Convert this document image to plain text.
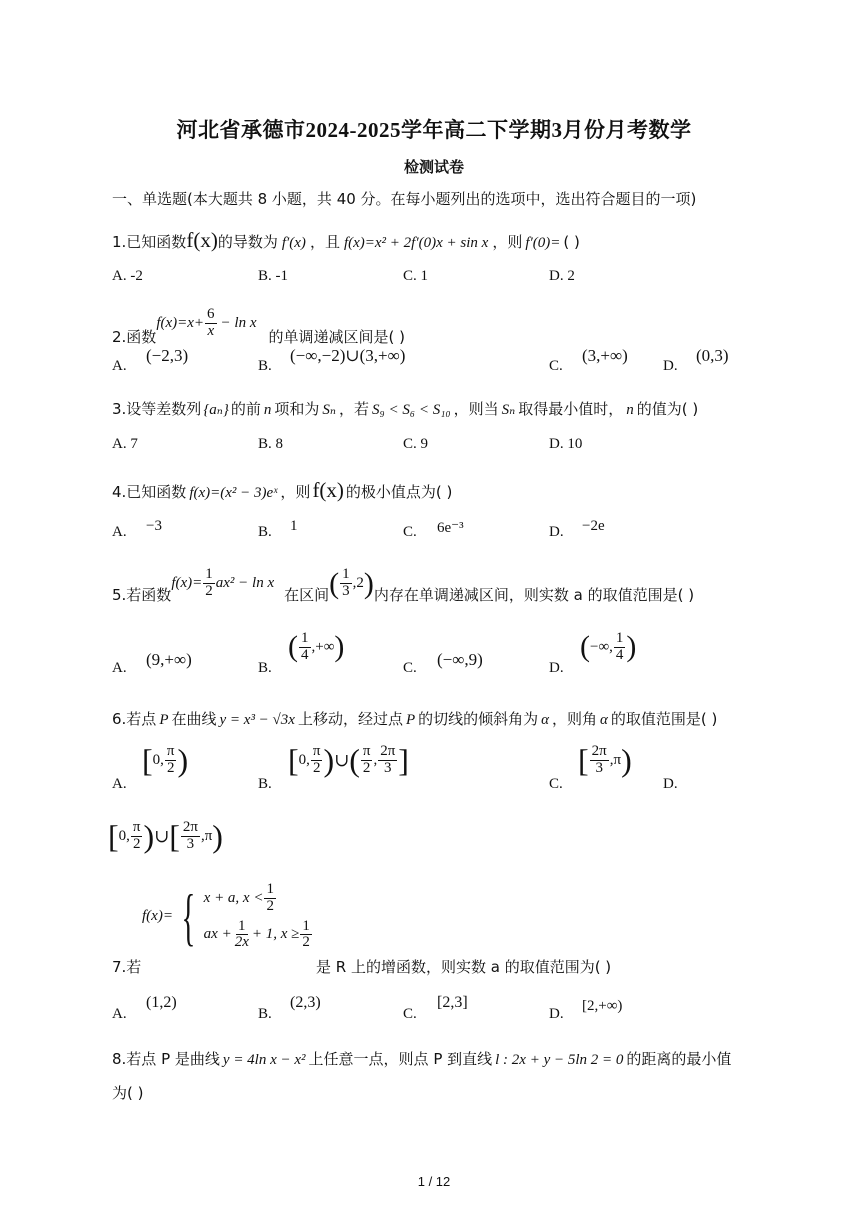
河北省承德市2024-2025学年高二下学期3月份月考数学
检测试卷
一、单选题(本大题共 8 小题，共 40 分。在每小题列出的选项中，选出符合题目的一项)
1.已知函数f(x)的导数为 f′(x) ，且 f(x)=x² + 2f′(0)x + sin x ，则 f′(0)= ( )
A. -2	B. -1	C. 1	D. 2
2.函数
$f(x)=x+ \frac{6}{x} - \ln x$
的单调递减区间是( )
A.
(−2,3)
B.
(−∞,−2)∪(3,+∞)
C.
(3,+∞)
D.
(0,3)
3.设等差数列 {aₙ} 的前 n 项和为 Sₙ ，若 S₉ < S₆ < S₁₀ ，则当 Sₙ 取得最小值时， n 的值为( )
A. 7	B. 8	C. 9	D. 10
4.已知函数 f(x)=(x² − 3)eˣ ，则f(x) 的极小值点为( )
A. −3	B. 1	C. 6e⁻³	D. −2e
5.若函数
$f(x)= \frac{1}{2} ax^2 - \ln x$
在区间 ( $\frac{1}{3} ,2$ ) 内存在单调递减区间，则实数 a 的取值范围是( )
A. (9,+∞)	B.
( $\frac{1}{4}$ ,+∞ )
C. (−∞,9)	D.
( −∞, $\frac{1}{4}$ )
6.若点 P 在曲线 y = x³ − √3x 上移动，经过点 P 的切线的倾斜角为 α ，则角 α 的取值范围是( )
A.
[ 0, $\frac{\pi}{2}$ )
B.
[ 0, $\frac{\pi}{2}$ ) ∪ ( $\frac{\pi}{2}$ , $\frac{2\pi}{3}$ ]
C.
[ $\frac{2\pi}{3}$ , π )
D.
[ 0, $\frac{\pi}{2}$ ) ∪ [ $\frac{2\pi}{3}$ , π )
f(x)= { x + a, $x < \frac{1}{2}$
ax + $\frac{1}{2x} + 1$, $x \ge \frac{1}{2}$
7.若	是 R 上的增函数，则实数 a 的取值范围为( )
A.
(1,2)
B.
(2,3)
C.
[2,3]
D. [2,+∞)
8.若点 P 是曲线 y = 4ln x − x² 上任意一点，则点 P 到直线 l : 2x + y − 5ln 2 = 0 的距离的最小值
为( )
1 / 12
